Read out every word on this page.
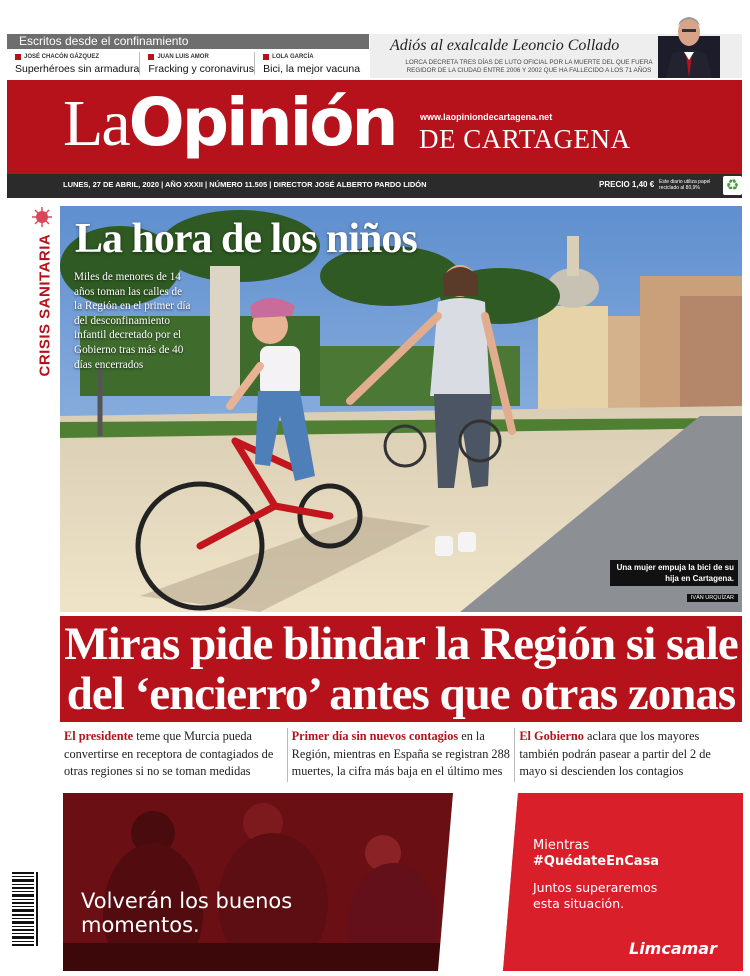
Escritos desde el confinamiento
JOSÉ CHACÓN GÁZQUEZ
Superhéroes sin armadura
JUAN LUIS AMOR
Fracking y coronavirus
LOLA GARCÍA
Bici, la mejor vacuna
Adiós al exalcalde Leoncio Collado
LORCA DECRETA TRES DÍAS DE LUTO OFICIAL POR LA MUERTE DEL QUE FUERA REGIDOR DE LA CIUDAD ENTRE 2006 Y 2002 QUE HA FALLECIDO A LOS 71 AÑOS
LaOpinión	www.laopiniondecartagena.net
DE CARTAGENA
LUNES, 27 DE ABRIL, 2020 | AÑO XXXII | NÚMERO 11.505 | DIRECTOR JOSÉ ALBERTO PARDO LIDÓN	PRECIO 1,40 € Este diario utiliza papel reciclado al 80,9%	♻
CRISIS SANITARIA La hora de los niños
Miles de menores de 14 años toman las calles de la Región en el primer día del desconfinamiento infantil decretado por el Gobierno tras más de 40 días encerrados
Una mujer empuja la bici de su hija en Cartagena.
IVÁN URQUÍZAR
Miras pide blindar la Región si sale
del ‘encierro’ antes que otras zonas
El presidente teme que Murcia pueda convertirse en receptora de contagiados de otras regiones si no se toman medidas
Primer día sin nuevos contagios en la Región, mientras en España se registran 288 muertes, la cifra más baja en el último mes
El Gobierno aclara que los mayores también podrán pasear a partir del 2 de mayo si descienden los contagios
Volverán los buenos
momentos.
Mientras
#QuédateEnCasa
Juntos superaremos
esta situación.
Limcamar
